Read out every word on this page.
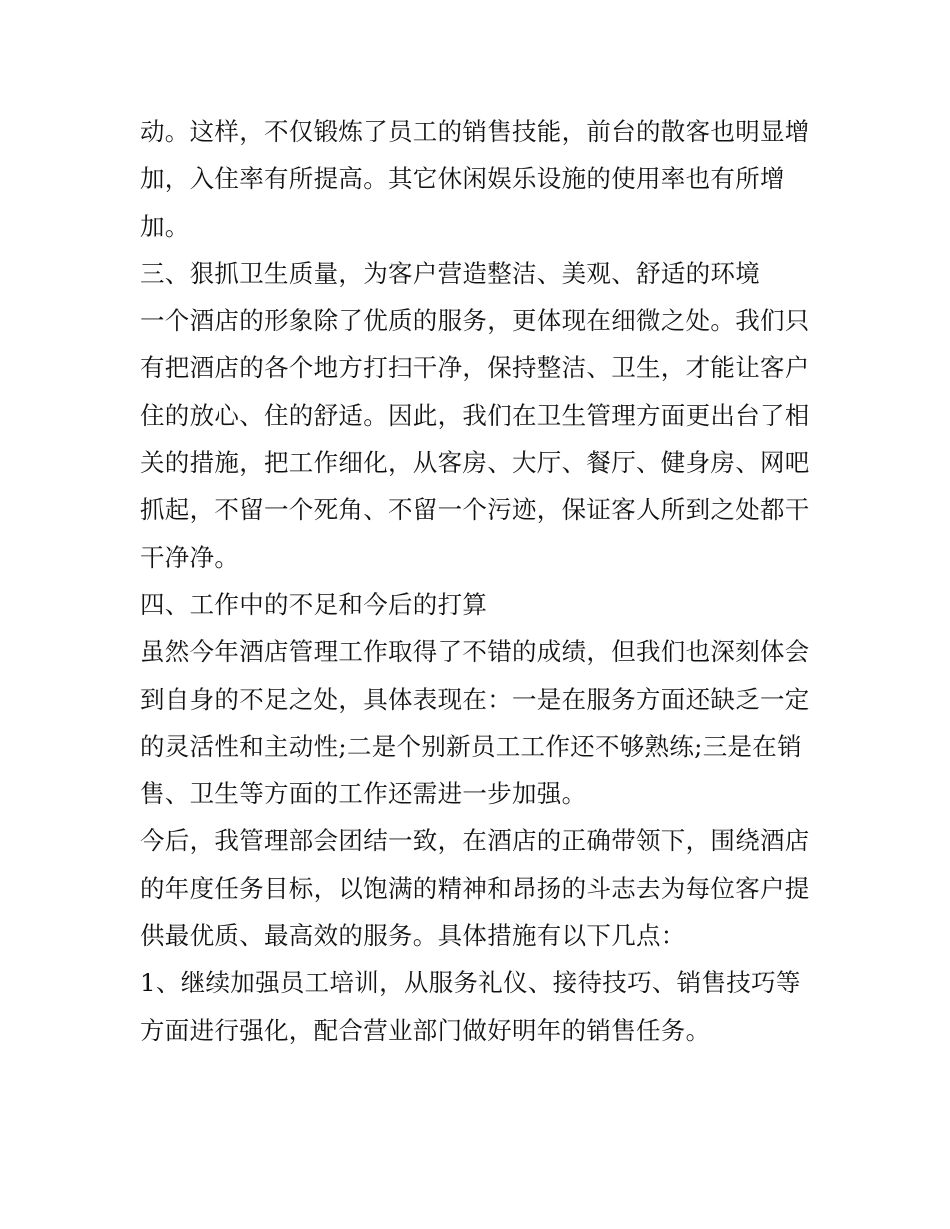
动。这样，不仅锻炼了员工的销售技能，前台的散客也明显增
加，入住率有所提高。其它休闲娱乐设施的使用率也有所增
加。
三、狠抓卫生质量，为客户营造整洁、美观、舒适的环境
一个酒店的形象除了优质的服务，更体现在细微之处。我们只
有把酒店的各个地方打扫干净，保持整洁、卫生，才能让客户
住的放心、住的舒适。因此，我们在卫生管理方面更出台了相
关的措施，把工作细化，从客房、大厅、餐厅、健身房、网吧
抓起，不留一个死角、不留一个污迹，保证客人所到之处都干
干净净。
四、工作中的不足和今后的打算
虽然今年酒店管理工作取得了不错的成绩，但我们也深刻体会
到自身的不足之处，具体表现在：一是在服务方面还缺乏一定
的灵活性和主动性;二是个别新员工工作还不够熟练;三是在销
售、卫生等方面的工作还需进一步加强。
今后，我管理部会团结一致，在酒店的正确带领下，围绕酒店
的年度任务目标，以饱满的精神和昂扬的斗志去为每位客户提
供最优质、最高效的服务。具体措施有以下几点：
1、继续加强员工培训，从服务礼仪、接待技巧、销售技巧等
方面进行强化，配合营业部门做好明年的销售任务。
